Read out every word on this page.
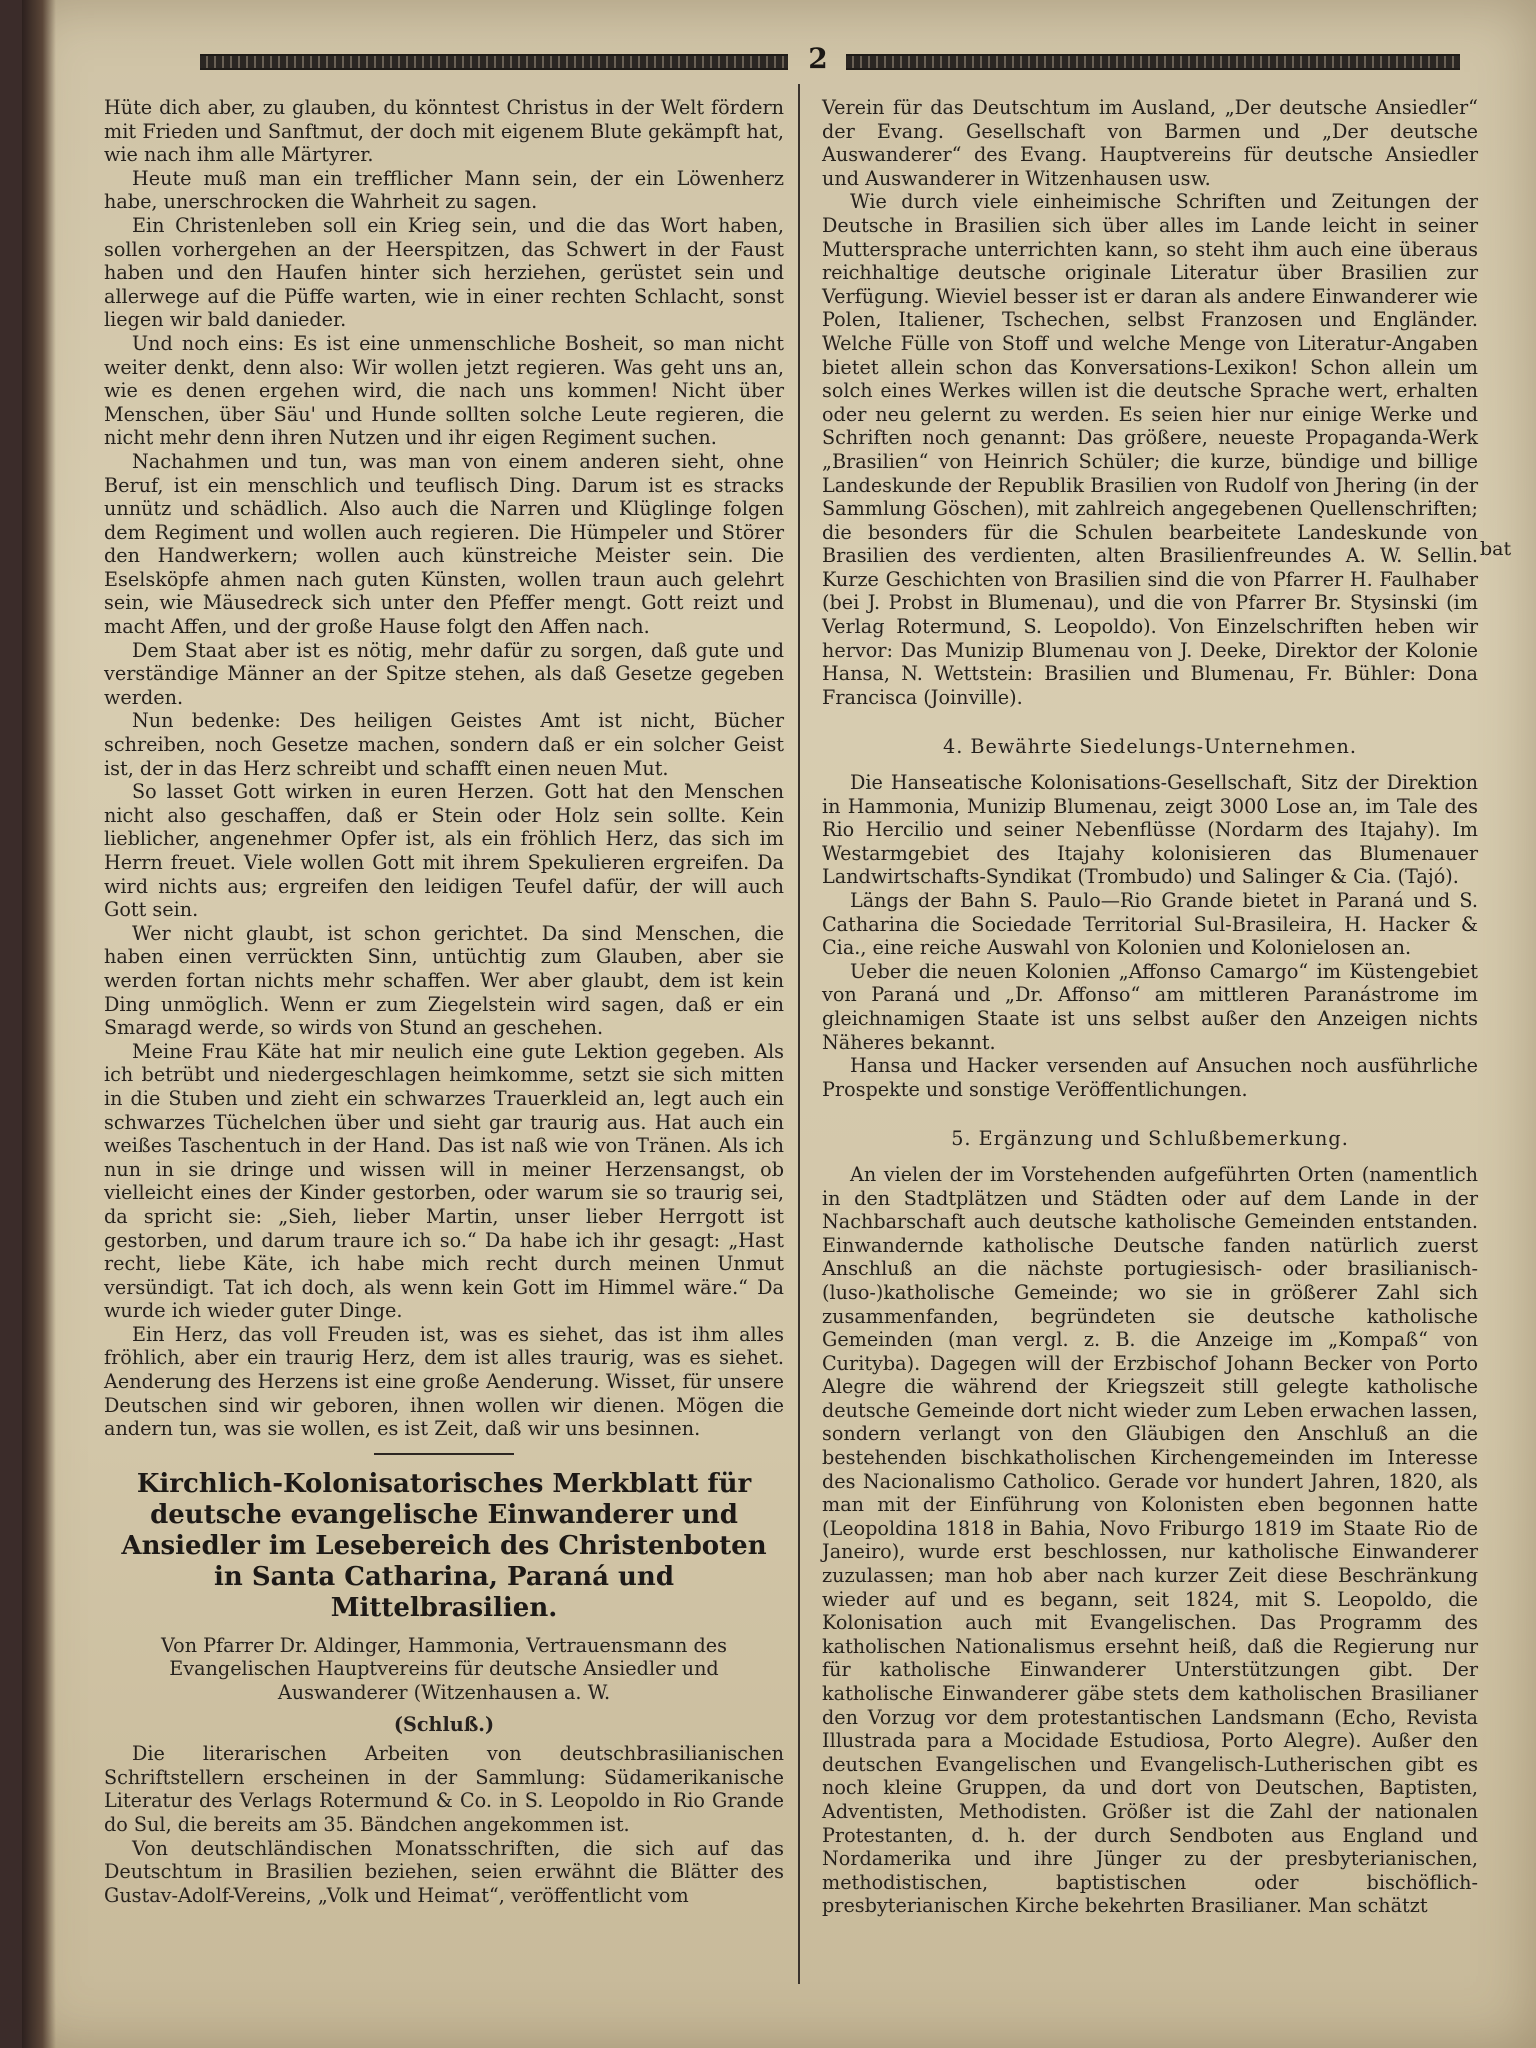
2

Hüte dich aber, zu glauben, du könntest Christus in der Welt fördern mit Frieden und Sanftmut, der doch mit eigenem Blute gekämpft hat, wie nach ihm alle Märtyrer.

Heute muß man ein trefflicher Mann sein, der ein Löwenherz habe, unerschrocken die Wahrheit zu sagen.

Ein Christenleben soll ein Krieg sein, und die das Wort haben, sollen vorhergehen an der Heerspitzen, das Schwert in der Faust haben und den Haufen hinter sich herziehen, gerüstet sein und allerwege auf die Püffe warten, wie in einer rechten Schlacht, sonst liegen wir bald danieder.

Und noch eins: Es ist eine unmenschliche Bosheit, so man nicht weiter denkt, denn also: Wir wollen jetzt regieren. Was geht uns an, wie es denen ergehen wird, die nach uns kommen! Nicht über Menschen, über Säu' und Hunde sollten solche Leute regieren, die nicht mehr denn ihren Nutzen und ihr eigen Regiment suchen.

Nachahmen und tun, was man von einem anderen sieht, ohne Beruf, ist ein menschlich und teuflisch Ding. Darum ist es stracks unnütz und schädlich. Also auch die Narren und Klüglinge folgen dem Regiment und wollen auch regieren. Die Hümpeler und Störer den Handwerkern; wollen auch künstreiche Meister sein. Die Eselsköpfe ahmen nach guten Künsten, wollen traun auch gelehrt sein, wie Mäusedreck sich unter den Pfeffer mengt. Gott reizt und macht Affen, und der große Hause folgt den Affen nach.

Dem Staat aber ist es nötig, mehr dafür zu sorgen, daß gute und verständige Männer an der Spitze stehen, als daß Gesetze gegeben werden.

Nun bedenke: Des heiligen Geistes Amt ist nicht, Bücher schreiben, noch Gesetze machen, sondern daß er ein solcher Geist ist, der in das Herz schreibt und schafft einen neuen Mut.

So lasset Gott wirken in euren Herzen. Gott hat den Menschen nicht also geschaffen, daß er Stein oder Holz sein sollte. Kein lieblicher, angenehmer Opfer ist, als ein fröhlich Herz, das sich im Herrn freuet. Viele wollen Gott mit ihrem Spekulieren ergreifen. Da wird nichts aus; ergreifen den leidigen Teufel dafür, der will auch Gott sein.

Wer nicht glaubt, ist schon gerichtet. Da sind Menschen, die haben einen verrückten Sinn, untüchtig zum Glauben, aber sie werden fortan nichts mehr schaffen. Wer aber glaubt, dem ist kein Ding unmöglich. Wenn er zum Ziegelstein wird sagen, daß er ein Smaragd werde, so wirds von Stund an geschehen.

Meine Frau Käte hat mir neulich eine gute Lektion gegeben. Als ich betrübt und niedergeschlagen heimkomme, setzt sie sich mitten in die Stuben und zieht ein schwarzes Trauerkleid an, legt auch ein schwarzes Tüchelchen über und sieht gar traurig aus. Hat auch ein weißes Taschentuch in der Hand. Das ist naß wie von Tränen. Als ich nun in sie dringe und wissen will in meiner Herzensangst, ob vielleicht eines der Kinder gestorben, oder warum sie so traurig sei, da spricht sie: „Sieh, lieber Martin, unser lieber Herrgott ist gestorben, und darum traure ich so.“ Da habe ich ihr gesagt: „Hast recht, liebe Käte, ich habe mich recht durch meinen Unmut versündigt. Tat ich doch, als wenn kein Gott im Himmel wäre.“ Da wurde ich wieder guter Dinge.

Ein Herz, das voll Freuden ist, was es siehet, das ist ihm alles fröhlich, aber ein traurig Herz, dem ist alles traurig, was es siehet. Aenderung des Herzens ist eine große Aenderung. Wisset, für unsere Deutschen sind wir geboren, ihnen wollen wir dienen. Mögen die andern tun, was sie wollen, es ist Zeit, daß wir uns besinnen.

Kirchlich-Kolonisatorisches Merkblatt für deutsche evangelische Einwanderer und Ansiedler im Lesebereich des Christenboten in Santa Catharina, Paraná und Mittelbrasilien.
Von Pfarrer Dr. Aldinger, Hammonia, Vertrauensmann des Evangelischen Hauptvereins für deutsche Ansiedler und Auswanderer (Witzenhausen a. W.
(Schluß.)

Die literarischen Arbeiten von deutschbrasilianischen Schriftstellern erscheinen in der Sammlung: Südamerikanische Literatur des Verlags Rotermund & Co. in S. Leopoldo in Rio Grande do Sul, die bereits am 35. Bändchen angekommen ist.

Von deutschländischen Monatsschriften, die sich auf das Deutschtum in Brasilien beziehen, seien erwähnt die Blätter des Gustav-Adolf-Vereins, „Volk und Heimat“, veröffentlicht vom

Verein für das Deutschtum im Ausland, „Der deutsche Ansiedler“ der Evang. Gesellschaft von Barmen und „Der deutsche Auswanderer“ des Evang. Hauptvereins für deutsche Ansiedler und Auswanderer in Witzenhausen usw.

Wie durch viele einheimische Schriften und Zeitungen der Deutsche in Brasilien sich über alles im Lande leicht in seiner Muttersprache unterrichten kann, so steht ihm auch eine überaus reichhaltige deutsche originale Literatur über Brasilien zur Verfügung. Wieviel besser ist er daran als andere Einwanderer wie Polen, Italiener, Tschechen, selbst Franzosen und Engländer. Welche Fülle von Stoff und welche Menge von Literatur-Angaben bietet allein schon das Konversations-Lexikon! Schon allein um solch eines Werkes willen ist die deutsche Sprache wert, erhalten oder neu gelernt zu werden. Es seien hier nur einige Werke und Schriften noch genannt: Das größere, neueste Propaganda-Werk „Brasilien“ von Heinrich Schüler; die kurze, bündige und billige Landeskunde der Republik Brasilien von Rudolf von Jhering (in der Sammlung Göschen), mit zahlreich angegebenen Quellenschriften; die besonders für die Schulen bearbeitete Landeskunde von Brasilien des verdienten, alten Brasilienfreundes A. W. Sellin. Kurze Geschichten von Brasilien sind die von Pfarrer H. Faulhaber (bei J. Probst in Blumenau), und die von Pfarrer Br. Stysinski (im Verlag Rotermund, S. Leopoldo). Von Einzelschriften heben wir hervor: Das Munizip Blumenau von J. Deeke, Direktor der Kolonie Hansa, N. Wettstein: Brasilien und Blumenau, Fr. Bühler: Dona Francisca (Joinville).

4. Bewährte Siedelungs-Unternehmen.

Die Hanseatische Kolonisations-Gesellschaft, Sitz der Direktion in Hammonia, Munizip Blumenau, zeigt 3000 Lose an, im Tale des Rio Hercilio und seiner Nebenflüsse (Nordarm des Itajahy). Im Westarmgebiet des Itajahy kolonisieren das Blumenauer Landwirtschafts-Syndikat (Trombudo) und Salinger & Cia. (Tajó).

Längs der Bahn S. Paulo—Rio Grande bietet in Paraná und S. Catharina die Sociedade Territorial Sul-Brasileira, H. Hacker & Cia., eine reiche Auswahl von Kolonien und Kolonielosen an.

Ueber die neuen Kolonien „Affonso Camargo“ im Küstengebiet von Paraná und „Dr. Affonso“ am mittleren Paranástrome im gleichnamigen Staate ist uns selbst außer den Anzeigen nichts Näheres bekannt.

Hansa und Hacker versenden auf Ansuchen noch ausführliche Prospekte und sonstige Veröffentlichungen.

5. Ergänzung und Schlußbemerkung.

An vielen der im Vorstehenden aufgeführten Orten (namentlich in den Stadtplätzen und Städten oder auf dem Lande in der Nachbarschaft auch deutsche katholische Gemeinden entstanden. Einwandernde katholische Deutsche fanden natürlich zuerst Anschluß an die nächste portugiesisch- oder brasilianisch-(luso-)katholische Gemeinde; wo sie in größerer Zahl sich zusammenfanden, begründeten sie deutsche katholische Gemeinden (man vergl. z. B. die Anzeige im „Kompaß“ von Curityba). Dagegen will der Erzbischof Johann Becker von Porto Alegre die während der Kriegszeit still gelegte katholische deutsche Gemeinde dort nicht wieder zum Leben erwachen lassen, sondern verlangt von den Gläubigen den Anschluß an die bestehenden bischkatholischen Kirchengemeinden im Interesse des Nacionalismo Catholico. Gerade vor hundert Jahren, 1820, als man mit der Einführung von Kolonisten eben begonnen hatte (Leopoldina 1818 in Bahia, Novo Friburgo 1819 im Staate Rio de Janeiro), wurde erst beschlossen, nur katholische Einwanderer zuzulassen; man hob aber nach kurzer Zeit diese Beschränkung wieder auf und es begann, seit 1824, mit S. Leopoldo, die Kolonisation auch mit Evangelischen. Das Programm des katholischen Nationalismus ersehnt heiß, daß die Regierung nur für katholische Einwanderer Unterstützungen gibt. Der katholische Einwanderer gäbe stets dem katholischen Brasilianer den Vorzug vor dem protestantischen Landsmann (Echo, Revista Illustrada para a Mocidade Estudiosa, Porto Alegre). Außer den deutschen Evangelischen und Evangelisch-Lutherischen gibt es noch kleine Gruppen, da und dort von Deutschen, Baptisten, Adventisten, Methodisten. Größer ist die Zahl der nationalen Protestanten, d. h. der durch Sendboten aus England und Nordamerika und ihre Jünger zu der presbyterianischen, methodistischen, baptistischen oder bischöflich-presbyterianischen Kirche bekehrten Brasilianer. Man schätzt

bat
